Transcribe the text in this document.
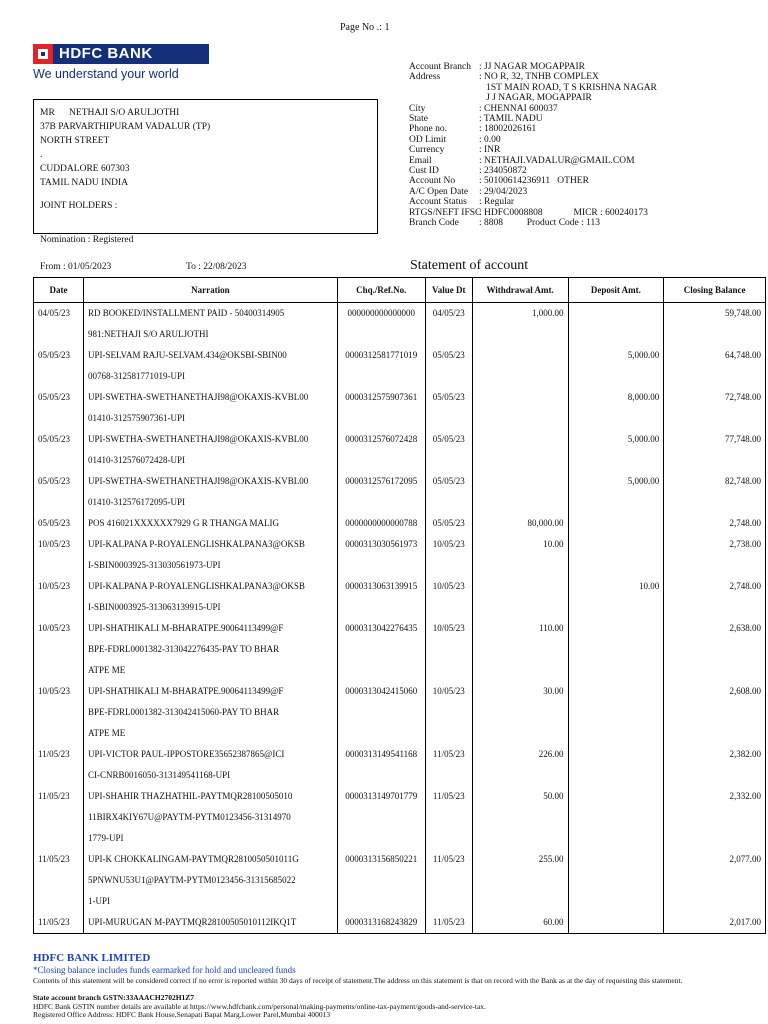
Page No .: 1
HDFC BANK
We understand your world
MR      NETHAJI S/O ARULJOTHI
37B PARVARTHIPURAM VADALUR (TP)
NORTH STREET
.
CUDDALORE 607303
TAMIL NADU INDIA
JOINT HOLDERS :
Nomination : Registered
Account Branch : JJ NAGAR MOGAPPAIR
Address	: NO R, 32, TNHB COMPLEX
1ST MAIN ROAD, T S KRISHNA NAGAR
J J NAGAR, MOGAPPAIR
City	: CHENNAI 600037
State	: TAMIL NADU
Phone no.	: 18002026161
OD Limit	: 0.00
Currency	: INR
Email	: NETHAJI.VADALUR@GMAIL.COM
Cust ID	: 234050872
Account No	: 50100614236911   OTHER
A/C Open Date : 29/04/2023
Account Status : Regular
RTGS/NEFT IFSC
: HDFC0008808             MICR : 600240173
Branch Code : 8808          Product Code : 113
From : 01/05/2023	To : 22/08/2023	Statement of account
Date	Narration	Chq./Ref.No.	Value Dt	Withdrawal Amt.	Deposit Amt.	Closing Balance
04/05/23	RD BOOKED/INSTALLMENT PAID - 50400314905
981:NETHAJI S/O ARULJOTHI	000000000000000	04/05/23	1,000.00		59,748.00
05/05/23	UPI-SELVAM RAJU-SELVAM.434@OKSBI-SBIN00
00768-312581771019-UPI	0000312581771019	05/05/23		5,000.00	64,748.00
05/05/23	UPI-SWETHA-SWETHANETHAJI98@OKAXIS-KVBL00
01410-312575907361-UPI	0000312575907361	05/05/23		8,000.00	72,748.00
05/05/23	UPI-SWETHA-SWETHANETHAJI98@OKAXIS-KVBL00
01410-312576072428-UPI	0000312576072428	05/05/23		5,000.00	77,748.00
05/05/23	UPI-SWETHA-SWETHANETHAJI98@OKAXIS-KVBL00
01410-312576172095-UPI	0000312576172095	05/05/23		5,000.00	82,748.00
05/05/23	POS 416021XXXXXX7929 G R THANGA MALIG	0000000000000788	05/05/23	80,000.00		2,748.00
10/05/23	UPI-KALPANA P-ROYALENGLISHKALPANA3@OKSB
I-SBIN0003925-313030561973-UPI	0000313030561973	10/05/23	10.00		2,738.00
10/05/23	UPI-KALPANA P-ROYALENGLISHKALPANA3@OKSB
I-SBIN0003925-313063139915-UPI	0000313063139915	10/05/23		10.00	2,748.00
10/05/23	UPI-SHATHIKALI M-BHARATPE.90064113499@F
BPE-FDRL0001382-313042276435-PAY TO BHAR
ATPE ME	0000313042276435	10/05/23	110.00		2,638.00
10/05/23	UPI-SHATHIKALI M-BHARATPE.90064113499@F
BPE-FDRL0001382-313042415060-PAY TO BHAR
ATPE ME	0000313042415060	10/05/23	30.00		2,608.00
11/05/23	UPI-VICTOR PAUL-IPPOSTORE35652387865@ICI
CI-CNRB0016050-313149541168-UPI	0000313149541168	11/05/23	226.00		2,382.00
11/05/23	UPI-SHAHIR THAZHATHIL-PAYTMQR28100505010
11BIRX4KIY67U@PAYTM-PYTM0123456-31314970
1779-UPI	0000313149701779	11/05/23	50.00		2,332.00
11/05/23	UPI-K CHOKKALINGAM-PAYTMQR2810050501011G
5PNWNU53U1@PAYTM-PYTM0123456-31315685022
1-UPI	0000313156850221	11/05/23	255.00		2,077.00
11/05/23	UPI-MURUGAN M-PAYTMQR28100505010112IKQ1T	0000313168243829	11/05/23	60.00		2,017.00
HDFC BANK LIMITED
*Closing balance includes funds earmarked for hold and uncleared funds
Contents of this statement will be considered correct if no error is reported within 30 days of receipt of statement.The address on this statement is that on record with the Bank as at the day of requesting this statement.
State account branch GSTN:33AAACH2702H1Z7
HDFC Bank GSTIN number details are available at https://www.hdfcbank.com/personal/making-payments/online-tax-payment/goods-and-service-tax.
Registered Office Address: HDFC Bank House,Senapati Bapat Marg,Lower Parel,Mumbai 400013
